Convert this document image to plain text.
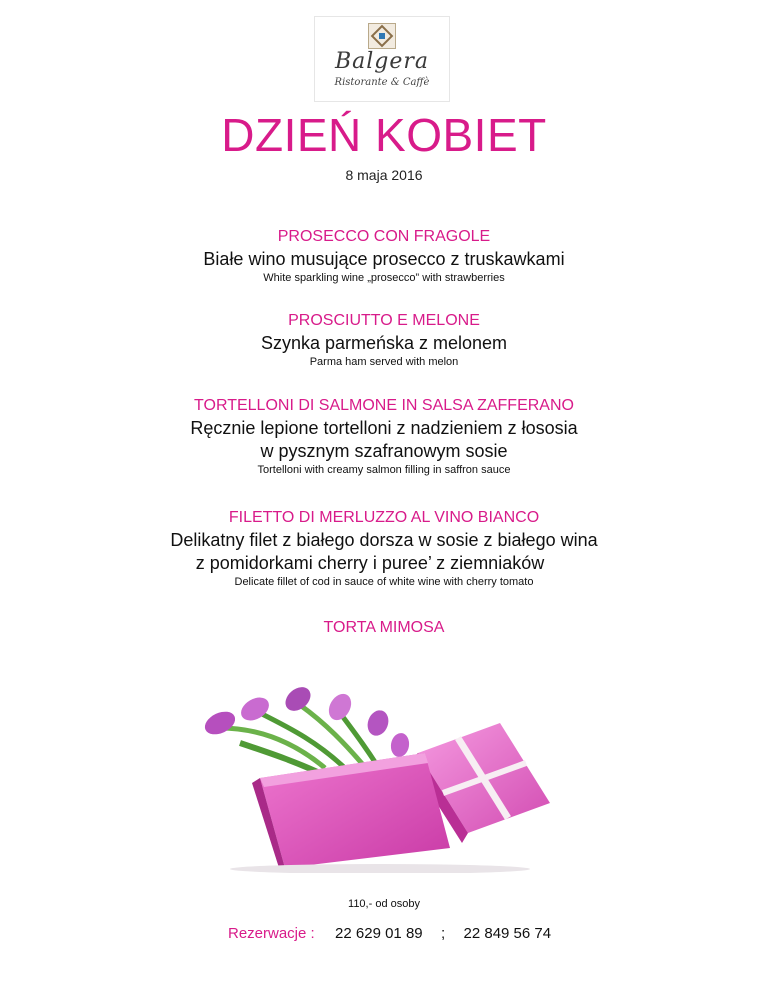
Balgera
Ristorante & Caffè
DZIEŃ KOBIET
8 maja 2016
PROSECCO CON FRAGOLE
Białe wino musujące prosecco z truskawkami
White sparkling wine „prosecco” with strawberries
PROSCIUTTO E MELONE
Szynka parmeńska z melonem
Parma ham served with melon
TORTELLONI DI SALMONE IN SALSA ZAFFERANO
Ręcznie lepione tortelloni z nadzieniem z łososia
w pysznym szafranowym sosie
Tortelloni with creamy salmon filling in saffron sauce
FILETTO DI MERLUZZO AL VINO BIANCO
Delikatny filet z białego dorsza w sosie z białego wina
z pomidorkami cherry i puree’ z ziemniaków
Delicate fillet of cod in sauce of white wine with cherry tomato
TORTA MIMOSA
110,- od osoby
Rezerwacje : 22 629 01 89 ; 22 849 56 74
